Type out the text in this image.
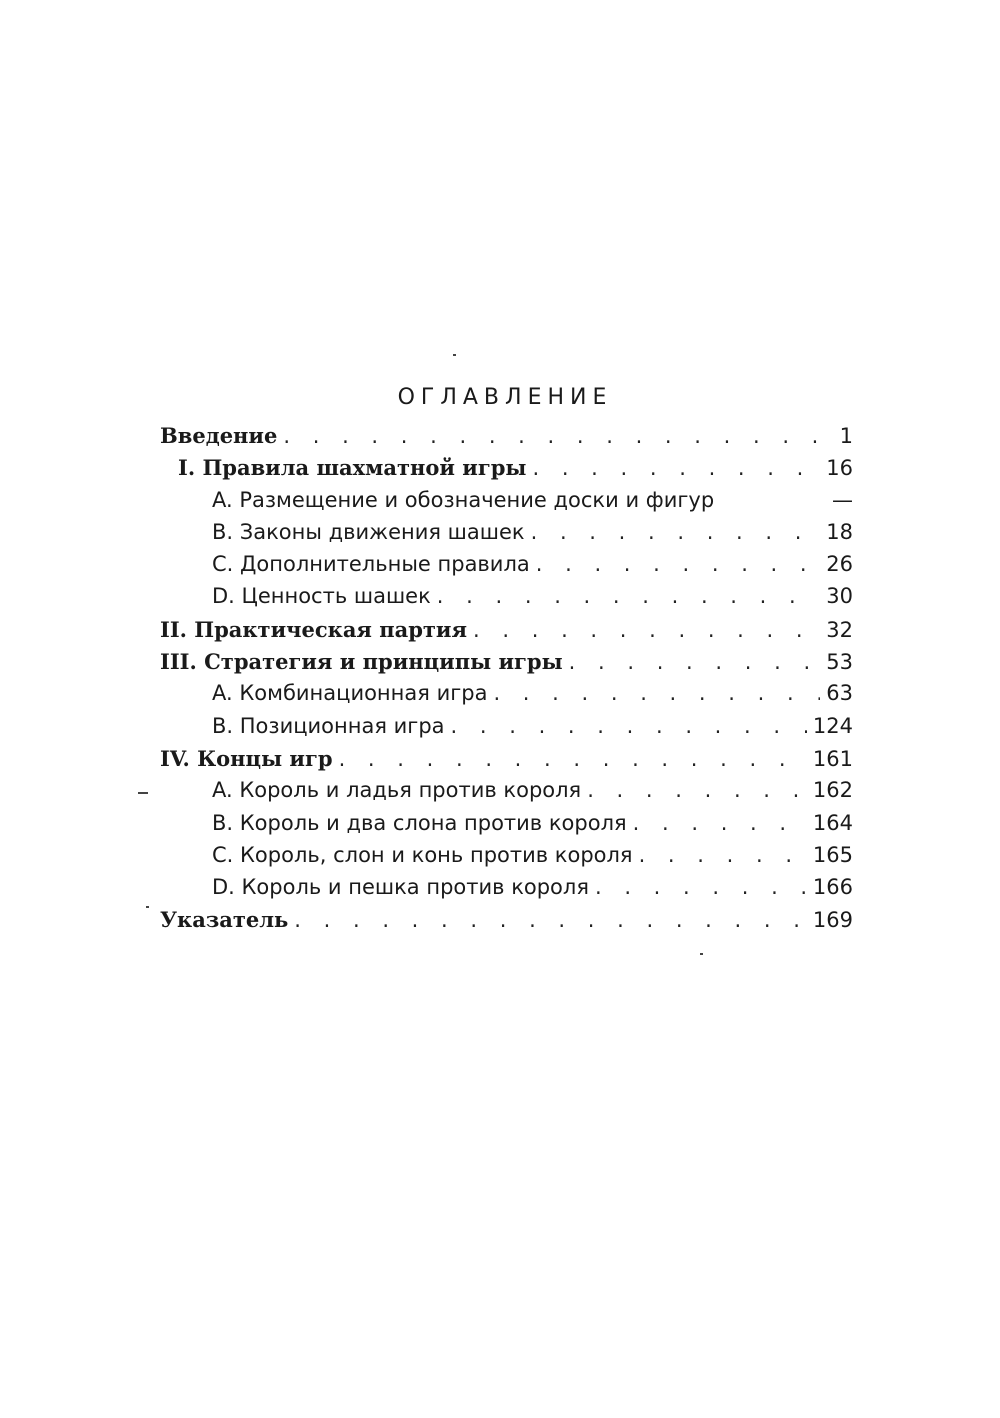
ОГЛАВЛЕНИЕ
Введение . . .	1
I. Правила шахматной игры . . .	16
A. Размещение и обозначение доски и фигур	—
B. Законы движения шашек . . .	18
C. Дополнительные правила . . .	26
D. Ценность шашек . . .	30
II. Практическая партия . . .	32
III. Стратегия и принципы игры . . .	53
A. Комбинационная игра . . .	63
B. Позиционная игра . . .	124
IV. Концы игр . . .	161
A. Король и ладья против короля . . .	162
B. Король и два слона против короля . . .	164
C. Король, слон и конь против короля . . .	165
D. Король и пешка против короля . . .	166
Указатель . . .	169
